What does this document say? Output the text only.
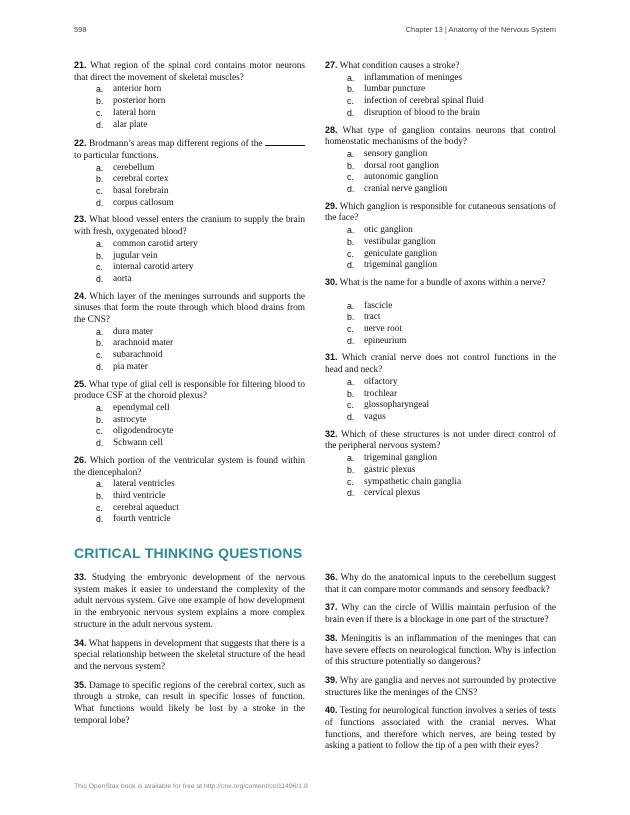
598	Chapter 13 | Anatomy of the Nervous System
21. What region of the spinal cord contains motor neurons that direct the movement of skeletal muscles?
a.	anterior horn
b.	posterior horn
c.	lateral horn
d.	alar plate
22. Brodmann’s areas map different regions of the  to particular functions.
a.	cerebellum
b.	cerebral cortex
c.	basal forebrain
d.	corpus callosum
23. What blood vessel enters the cranium to supply the brain with fresh, oxygenated blood?
a.	common carotid artery
b.	jugular vein
c.	internal carotid artery
d.	aorta
24. Which layer of the meninges surrounds and supports the sinuses that form the route through which blood drains from the CNS?
a.	dura mater
b.	arachnoid mater
c.	subarachnoid
d.	pia mater
25. What type of glial cell is responsible for filtering blood to produce CSF at the choroid plexus?
a.	ependymal cell
b.	astrocyte
c.	oligodendrocyte
d.	Schwann cell
26. Which portion of the ventricular system is found within the diencephalon?
a.	lateral ventricles
b.	third ventricle
c.	cerebral aqueduct
d.	fourth ventricle
27. What condition causes a stroke?
a.	inflammation of meninges
b.	lumbar puncture
c.	infection of cerebral spinal fluid
d.	disruption of blood to the brain
28. What type of ganglion contains neurons that control homeostatic mechanisms of the body?
a.	sensory ganglion
b.	dorsal root ganglion
c.	autonomic ganglion
d.	cranial nerve ganglion
29. Which ganglion is responsible for cutaneous sensations of the face?
a.	otic ganglion
b.	vestibular ganglion
c.	geniculate ganglion
d.	trigeminal ganglion
30. What is the name for a bundle of axons within a nerve?
a.	fascicle
b.	tract
c.	nerve root
d.	epineurium
31. Which cranial nerve does not control functions in the head and neck?
a.	olfactory
b.	trochlear
c.	glossopharyngeal
d.	vagus
32. Which of these structures is not under direct control of the peripheral nervous system?
a.	trigeminal ganglion
b.	gastric plexus
c.	sympathetic chain ganglia
d.	cervical plexus
CRITICAL THINKING QUESTIONS
33. Studying the embryonic development of the nervous system makes it easier to understand the complexity of the adult nervous system. Give one example of how development in the embryonic nervous system explains a more complex structure in the adult nervous system.
34. What happens in development that suggests that there is a special relationship between the skeletal structure of the head and the nervous system?
35. Damage to specific regions of the cerebral cortex, such as through a stroke, can result in specific losses of function. What functions would likely be lost by a stroke in the temporal lobe?
36. Why do the anatomical inputs to the cerebellum suggest that it can compare motor commands and sensory feedback?
37. Why can the circle of Willis maintain perfusion of the brain even if there is a blockage in one part of the structure?
38. Meningitis is an inflammation of the meninges that can have severe effects on neurological function. Why is infection of this structure potentially so dangerous?
39. Why are ganglia and nerves not surrounded by protective structures like the meninges of the CNS?
40. Testing for neurological function involves a series of tests of functions associated with the cranial nerves. What functions, and therefore which nerves, are being tested by asking a patient to follow the tip of a pen with their eyes?
This OpenStax book is available for free at http://cnx.org/content/col11496/1.8
